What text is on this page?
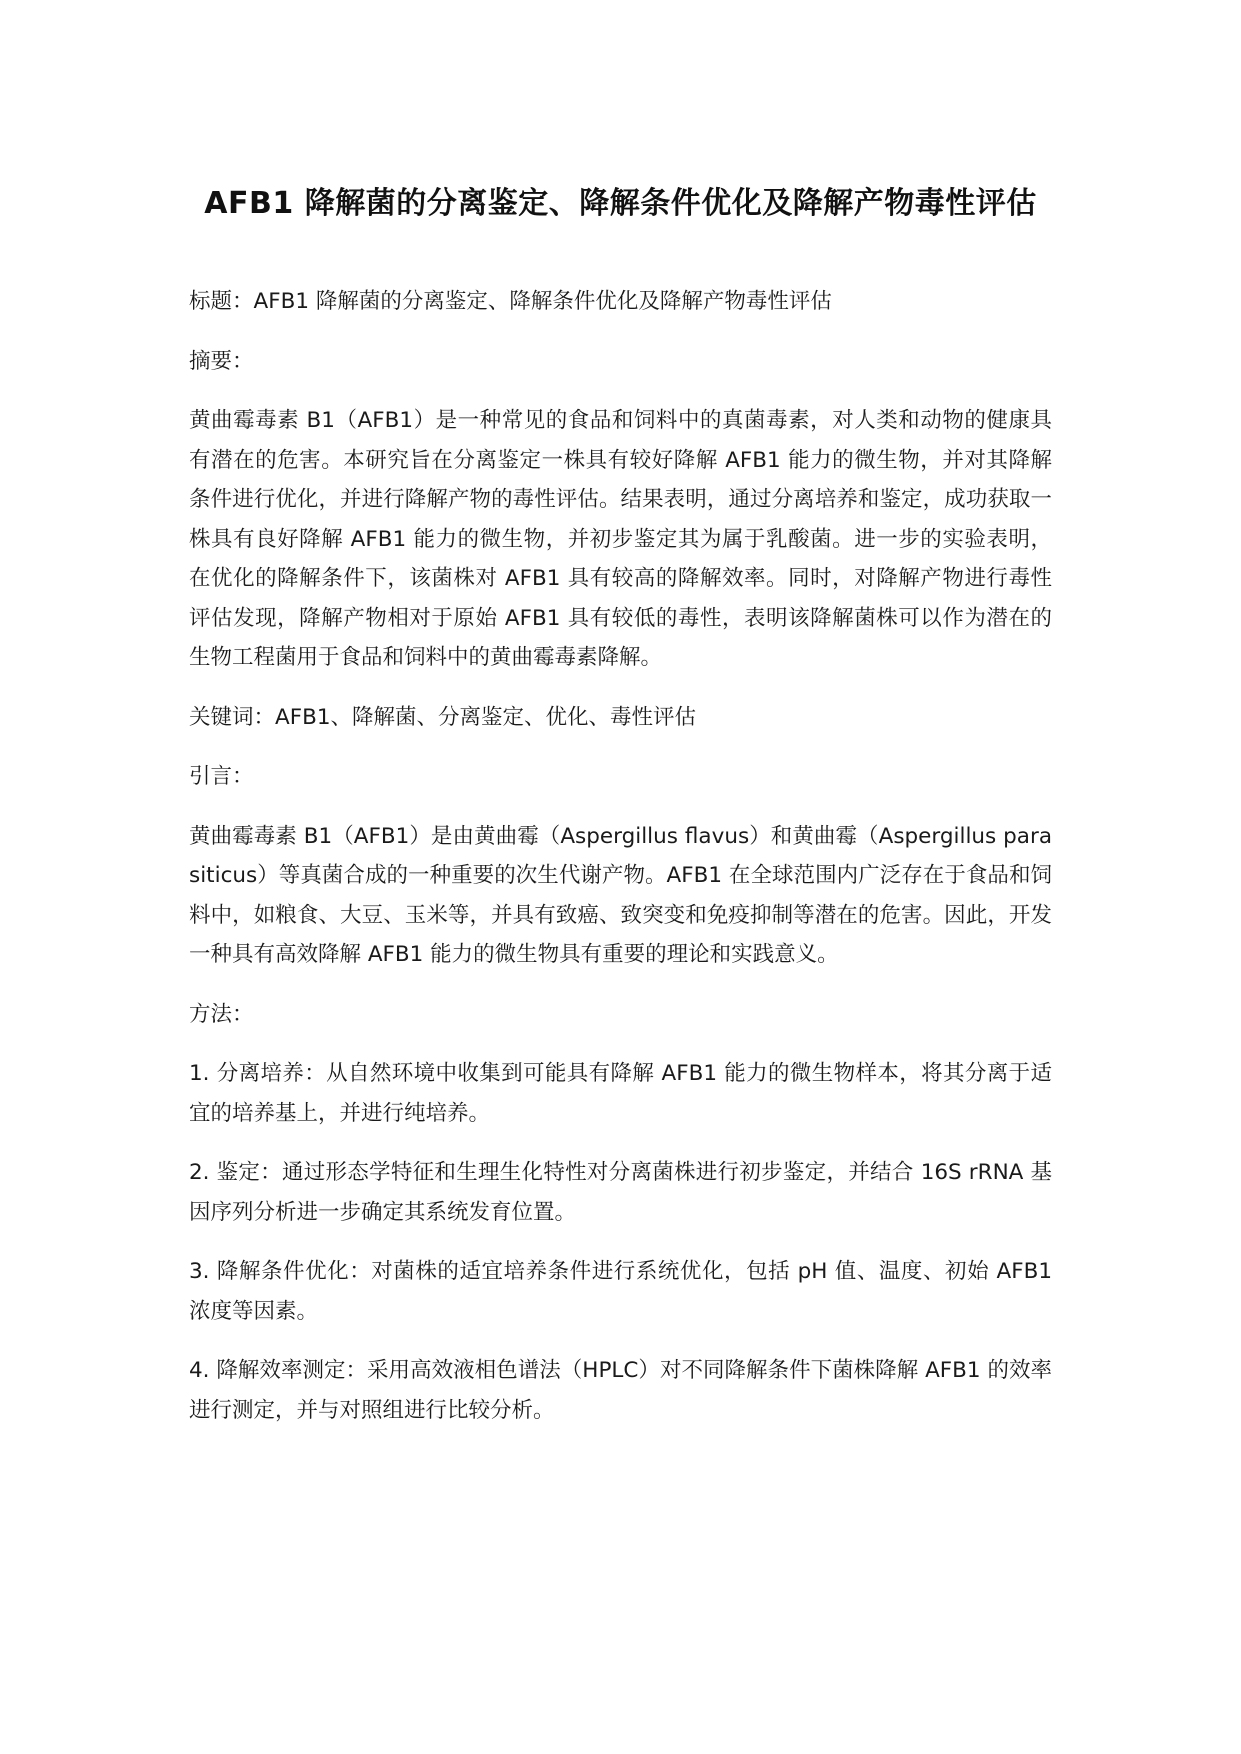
AFB1 降解菌的分离鉴定、降解条件优化及降解产物毒性评估

标题：AFB1 降解菌的分离鉴定、降解条件优化及降解产物毒性评估

摘要：

黄曲霉毒素 B1（AFB1）是一种常见的食品和饲料中的真菌毒素，对人类和动物的健康具有潜在的危害。本研究旨在分离鉴定一株具有较好降解 AFB1 能力的微生物，并对其降解条件进行优化，并进行降解产物的毒性评估。结果表明，通过分离培养和鉴定，成功获取一株具有良好降解 AFB1 能力的微生物，并初步鉴定其为属于乳酸菌。进一步的实验表明，在优化的降解条件下，该菌株对 AFB1 具有较高的降解效率。同时，对降解产物进行毒性评估发现，降解产物相对于原始 AFB1 具有较低的毒性，表明该降解菌株可以作为潜在的生物工程菌用于食品和饲料中的黄曲霉毒素降解。

关键词：AFB1、降解菌、分离鉴定、优化、毒性评估

引言：

黄曲霉毒素 B1（AFB1）是由黄曲霉（Aspergillus flavus）和黄曲霉（Aspergillus parasiticus）等真菌合成的一种重要的次生代谢产物。AFB1 在全球范围内广泛存在于食品和饲料中，如粮食、大豆、玉米等，并具有致癌、致突变和免疫抑制等潜在的危害。因此，开发一种具有高效降解 AFB1 能力的微生物具有重要的理论和实践意义。

方法：

1. 分离培养：从自然环境中收集到可能具有降解 AFB1 能力的微生物样本，将其分离于适宜的培养基上，并进行纯培养。

2. 鉴定：通过形态学特征和生理生化特性对分离菌株进行初步鉴定，并结合 16S rRNA 基因序列分析进一步确定其系统发育位置。

3. 降解条件优化：对菌株的适宜培养条件进行系统优化，包括 pH 值、温度、初始 AFB1 浓度等因素。

4. 降解效率测定：采用高效液相色谱法（HPLC）对不同降解条件下菌株降解 AFB1 的效率进行测定，并与对照组进行比较分析。
